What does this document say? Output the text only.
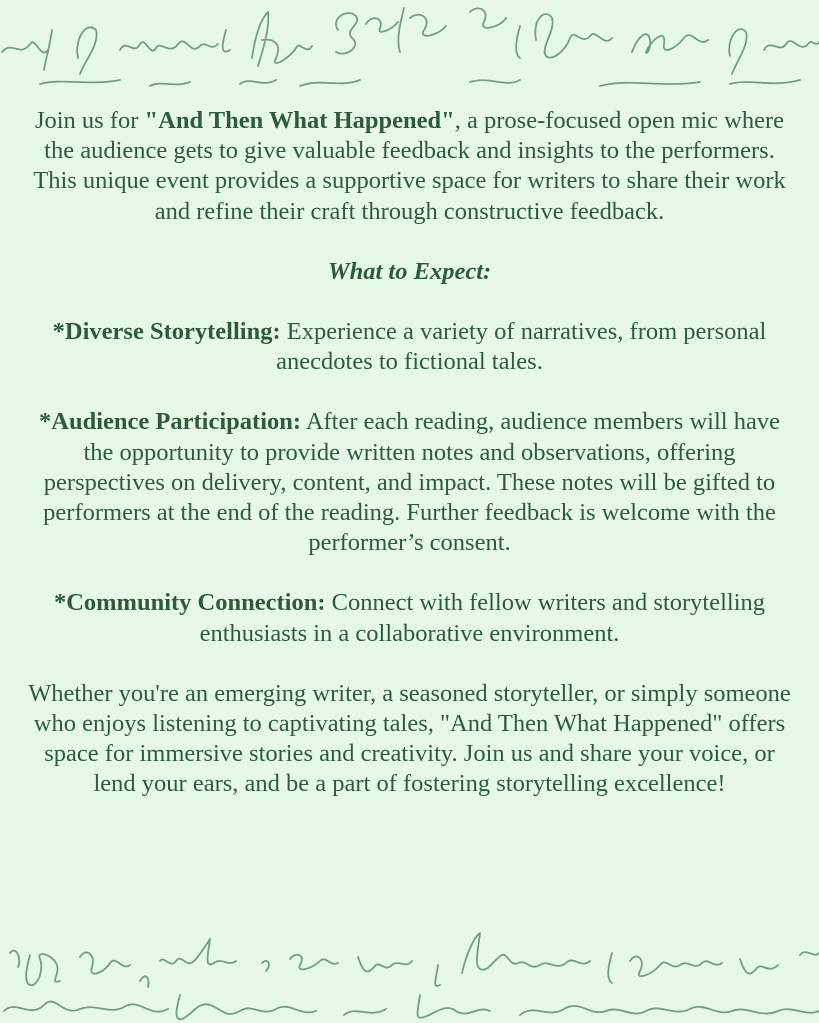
Join us for "And Then What Happened", a prose-focused open mic where the audience gets to give valuable feedback and insights to the performers. This unique event provides a supportive space for writers to share their work and refine their craft through constructive feedback.

What to Expect:

*Diverse Storytelling: Experience a variety of narratives, from personal anecdotes to fictional tales.

*Audience Participation: After each reading, audience members will have the opportunity to provide written notes and observations, offering perspectives on delivery, content, and impact. These notes will be gifted to performers at the end of the reading. Further feedback is welcome with the performer’s consent.

*Community Connection: Connect with fellow writers and storytelling enthusiasts in a collaborative environment.

Whether you're an emerging writer, a seasoned storyteller, or simply someone who enjoys listening to captivating tales, "And Then What Happened" offers space for immersive stories and creativity. Join us and share your voice, or lend your ears, and be a part of fostering storytelling excellence!
